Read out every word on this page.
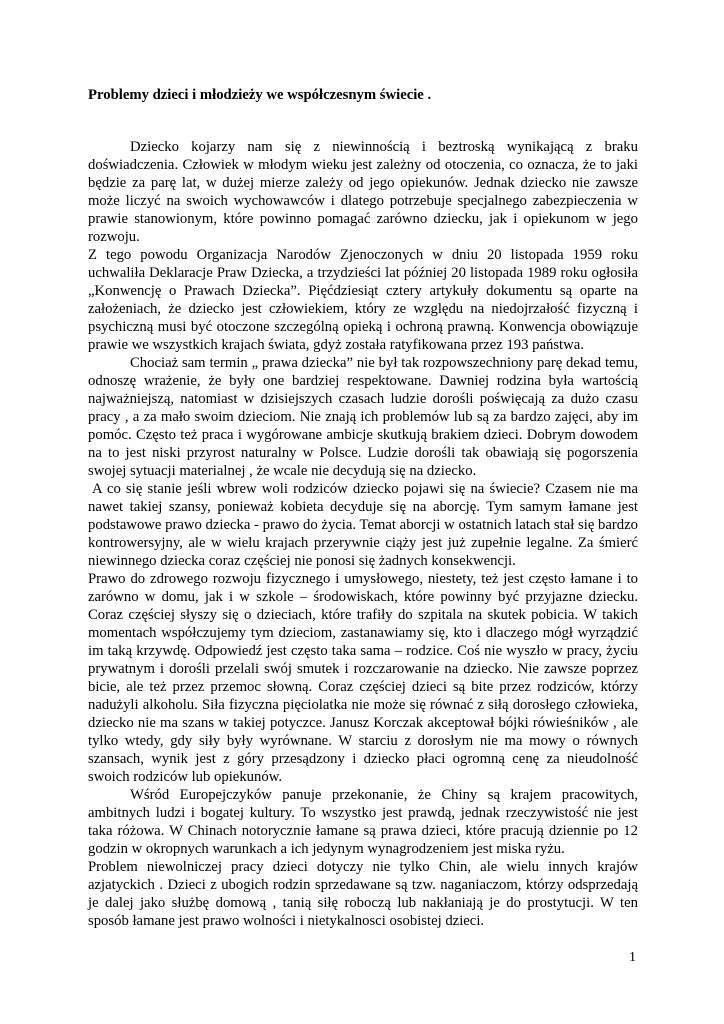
Problemy dzieci i młodzieży we współczesnym świecie .

Dziecko kojarzy nam się z niewinnością i beztroską wynikającą z braku doświadczenia. Człowiek w młodym wieku jest zależny od otoczenia, co oznacza, że to jaki będzie za parę lat, w dużej mierze zależy od jego opiekunów. Jednak dziecko nie zawsze może liczyć na swoich wychowawców i dlatego potrzebuje specjalnego zabezpieczenia w prawie stanowionym, które powinno pomagać zarówno dziecku, jak i opiekunom w jego rozwoju.

Z tego powodu Organizacja Narodów Zjenoczonych w dniu 20 listopada 1959 roku uchwaliła Deklaracje Praw Dziecka, a trzydzieści lat później 20 listopada 1989 roku ogłosiła „Konwencję o Prawach Dziecka”. Pięćdziesiąt cztery artykuły dokumentu są oparte na założeniach, że dziecko jest człowiekiem, który ze względu na niedojrzałość fizyczną i psychiczną musi być otoczone szczególną opieką i ochroną prawną. Konwencja obowiązuje prawie we wszystkich krajach świata, gdyż została ratyfikowana przez 193 państwa.

Chociaż sam termin „ prawa dziecka” nie był tak rozpowszechniony parę dekad temu, odnoszę wrażenie, że były one bardziej respektowane. Dawniej rodzina była wartością najważniejszą, natomiast w dzisiejszych czasach ludzie dorośli poświęcają za dużo czasu pracy , a za mało swoim dzieciom. Nie znają ich problemów lub są za bardzo zajęci, aby im pomóc. Często też praca i wygórowane ambicje skutkują brakiem dzieci. Dobrym dowodem na to jest niski przyrost naturalny w Polsce. Ludzie dorośli tak obawiają się pogorszenia swojej sytuacji materialnej , że wcale nie decydują się na dziecko.

A co się stanie jeśli wbrew woli rodziców dziecko pojawi się na świecie? Czasem nie ma nawet takiej szansy, ponieważ kobieta decyduje się na aborcję. Tym samym łamane jest podstawowe prawo dziecka - prawo do życia. Temat aborcji w ostatnich latach stał się bardzo kontrowersyjny, ale w wielu krajach przerywnie ciąży jest już zupełnie legalne. Za śmierć niewinnego dziecka coraz częściej nie ponosi się żadnych konsekwencji.

Prawo do zdrowego rozwoju fizycznego i umysłowego, niestety, też jest często łamane i to zarówno w domu, jak i w szkole – środowiskach, które powinny być przyjazne dziecku. Coraz częściej słyszy się o dzieciach, które trafiły do szpitala na skutek pobicia. W takich momentach współczujemy tym dzieciom, zastanawiamy się, kto i dlaczego mógł wyrządzić im taką krzywdę. Odpowiedź jest często taka sama – rodzice. Coś nie wyszło w pracy, życiu prywatnym i dorośli przelali swój smutek i rozczarowanie na dziecko. Nie zawsze poprzez bicie, ale też przez przemoc słowną. Coraz częściej dzieci są bite przez rodziców, którzy nadużyli alkoholu. Siła fizyczna pięciolatka nie może się równać z siłą dorosłego człowieka, dziecko nie ma szans w takiej potyczce. Janusz Korczak akceptował bójki rówieśników , ale tylko wtedy, gdy siły były wyrównane. W starciu z dorosłym nie ma mowy o równych szansach, wynik jest z góry przesądzony i dziecko płaci ogromną cenę za nieudolność swoich rodziców lub opiekunów.

Wśród Europejczyków panuje przekonanie, że Chiny są krajem pracowitych, ambitnych ludzi i bogatej kultury. To wszystko jest prawdą, jednak rzeczywistość nie jest taka różowa. W Chinach notorycznie łamane są prawa dzieci, które pracują dziennie po 12 godzin w okropnych warunkach a ich jedynym wynagrodzeniem jest miska ryżu.

Problem niewolniczej pracy dzieci dotyczy nie tylko Chin, ale wielu innych krajów azjatyckich . Dzieci z ubogich rodzin sprzedawane są tzw. naganiaczom, którzy odsprzedają je dalej jako służbę domową , tanią siłę roboczą lub nakłaniają je do prostytucji. W ten sposób łamane jest prawo wolności i nietykalnosci osobistej dzieci.

1
